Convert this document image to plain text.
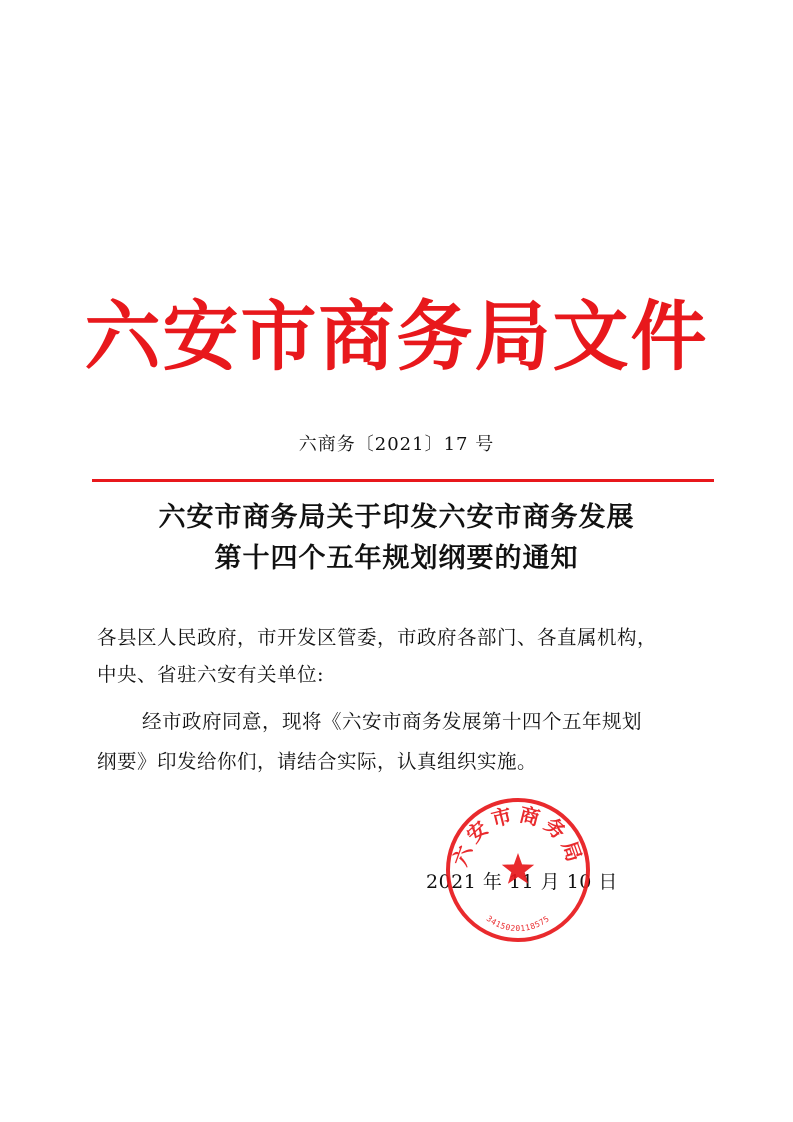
六安市商务局文件
六商务〔2021〕17 号
六安市商务局关于印发六安市商务发展
第十四个五年规划纲要的通知
各县区人民政府，市开发区管委，市政府各部门、各直属机构，
中央、省驻六安有关单位:
经市政府同意，现将《六安市商务发展第十四个五年规划
纲要》印发给你们，请结合实际，认真组织实施。
2021 年 11 月 10 日
六安市商务局
3415020118575
